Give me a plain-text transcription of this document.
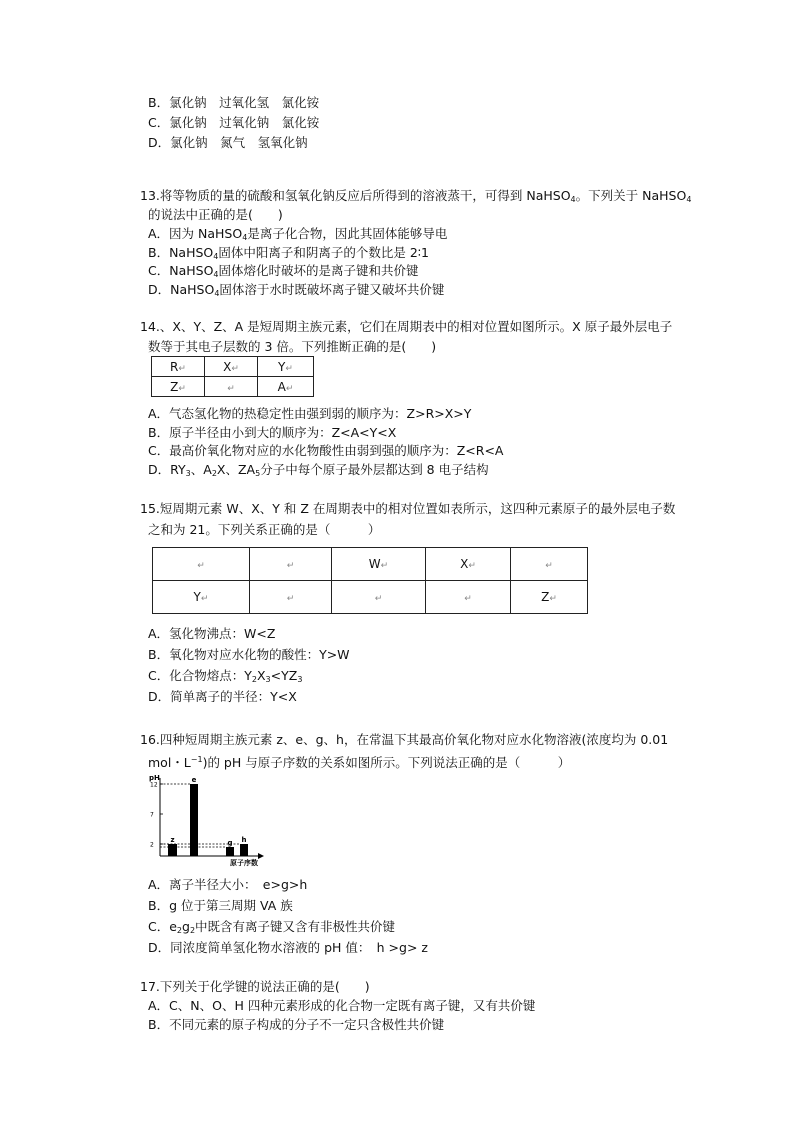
B．氯化钠　过氧化氢　氯化铵
C．氯化钠　过氧化钠　氯化铵
D．氯化钠　氮气　氢氧化钠
13.将等物质的量的硫酸和氢氧化钠反应后所得到的溶液蒸干，可得到 NaHSO$_4$。下列关于 NaHSO$_4$
的说法中正确的是(　　)
A．因为 NaHSO$_4$是离子化合物，因此其固体能够导电
B．NaHSO$_4$固体中阳离子和阴离子的个数比是 2∶1
C．NaHSO$_4$固体熔化时破坏的是离子键和共价键
D．NaHSO$_4$固体溶于水时既破坏离子键又破坏共价键
14.、X、Y、Z、A 是短周期主族元素，它们在周期表中的相对位置如图所示。X 原子最外层电子
数等于其电子层数的 3 倍。下列推断正确的是(　　)
R↵	X↵	Y↵
Z↵	↵	A↵
A．气态氢化物的热稳定性由强到弱的顺序为：Z>R>X>Y
B．原子半径由小到大的顺序为：Z<A<Y<X
C．最高价氧化物对应的水化物酸性由弱到强的顺序为：Z<R<A
D．$RY_3$、$A_2X$、$ZA_5$分子中每个原子最外层都达到 8 电子结构
15.短周期元素 W、X、Y 和 Z 在周期表中的相对位置如表所示，这四种元素原子的最外层电子数
之和为 21。下列关系正确的是（　　　）
↵	↵	W↵	X↵	↵
Y↵	↵	↵	↵	Z↵
A．氢化物沸点：W<Z
B．氧化物对应水化物的酸性：Y>W
C．化合物熔点：$Y_2X_3<YZ_3$
D．简单离子的半径：Y<X
16.四种短周期主族元素 z、e、g、h，在常温下其最高价氧化物对应水化物溶液(浓度均为 0.01
mol・$L^{-1}$)的 pH 与原子序数的关系如图所示。下列说法正确的是（　　　）
pH
12
7
2
z
e
g h
原子序数
A．离子半径大小：　e>g>h
B．g 位于第三周期 VA 族
C．$e_2g_2$中既含有离子键又含有非极性共价键
D．同浓度简单氢化物水溶液的 pH 值：　h >g> z
17.下列关于化学键的说法正确的是(　　)
A．C、N、O、H 四种元素形成的化合物一定既有离子键，又有共价键
B．不同元素的原子构成的分子不一定只含极性共价键
